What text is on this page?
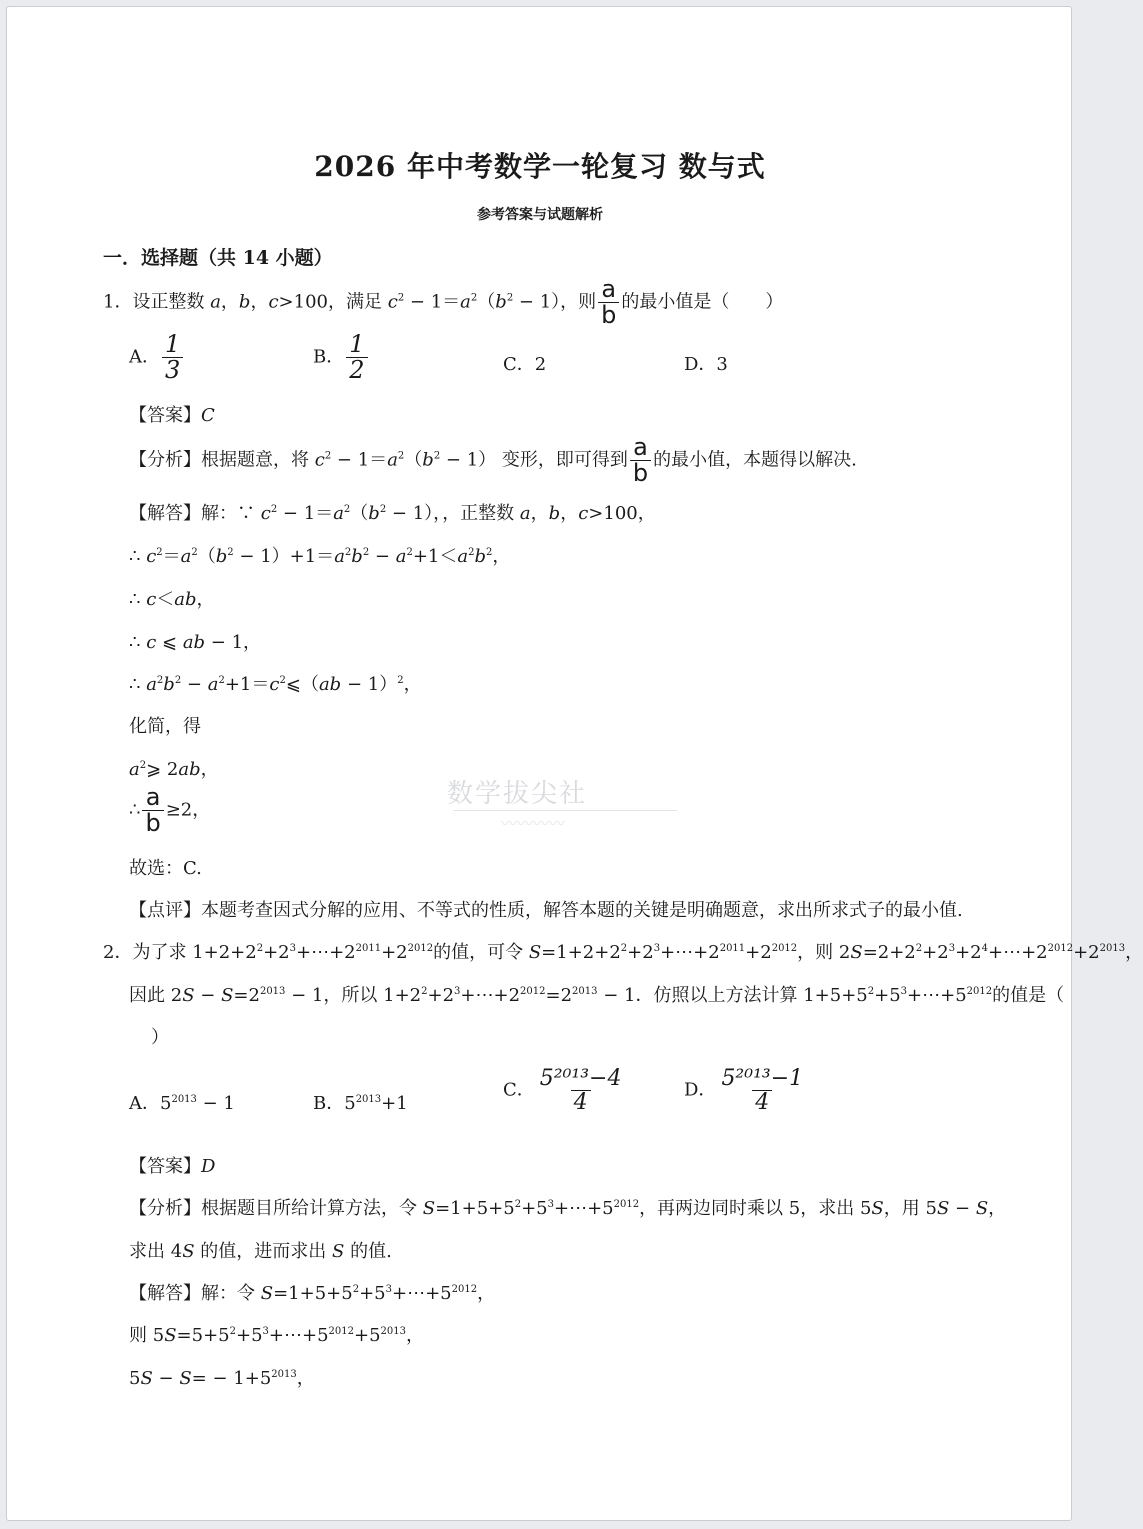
2026 年中考数学一轮复习 数与式
参考答案与试题解析
一．选择题（共 14 小题）
1．设正整数 a，b，c>100，满足 $c^2 - 1=a^2(b^2 - 1)$，则 $\frac{a}{b}$ 的最小值是（　　）
A． $\frac{1}{3}$	B． $\frac{1}{2}$	C．2	D．3
【答案】C
【分析】根据题意，将 $c^2 - 1=a^2(b^2 - 1)$ 变形，即可得到 $\frac{a}{b}$ 的最小值，本题得以解决.
【解答】解：∵ $c^2 - 1=a^2(b^2 - 1)$，，正整数 a，b，c>100，
∴ $c^2=a^2(b^2 - 1)+1=a^2b^2 - a^2+1<a^2b^2$，
∴ c＜ab，
∴ c ⩽ ab − 1，
∴ $a^2b^2$ − $a^2+1=c^2⩽(ab - 1)^2$，
化简，得
$a^2⩾$ 2ab，
∴ $\frac{a}{b} \ge 2$，
故选：C.
【点评】本题考查因式分解的应用、不等式的性质，解答本题的关键是明确题意，求出所求式子的最小值.
数学拔尖社
〰〰〰〰
2．为了求 $1+2+2^2+2^3+\cdots+2^{2011}+2^{2012}$的值，可令 $S=1+2+2^2+2^3+\cdots+2^{2011}+2^{2012}$，则 $2S=2+2^2+2^3+2^4+\cdots+2^{2012}+2^{2013}$，
因此 $2S - S=2^{2013} - 1$，所以 $1+2^2+2^3+\cdots+2^{2012}=2^{2013} - 1$．仿照以上方法计算 $1+5+5^2+5^3+\cdots+5^{2012}$的值是（
）
A．$5^{2013} - 1$	B．$5^{2013}+1$
C． $\frac{\text{5²⁰¹³−4}}{4}$	D． $\frac{\text{5²⁰¹³−1}}{4}$
【答案】D
【分析】根据题目所给计算方法，令 $S=1+5+5^2+5^3+\cdots+5^{2012}$，再两边同时乘以 5，求出 5S，用 5S − S，
求出 4S 的值，进而求出 S 的值.
【解答】解：令 $S=1+5+5^2+5^3+\cdots+5^{2012}$，
则 $5S=5+5^2+5^3+\cdots+5^{2012}+5^{2013}$，
$5S - S= - 1+5^{2013}$，
